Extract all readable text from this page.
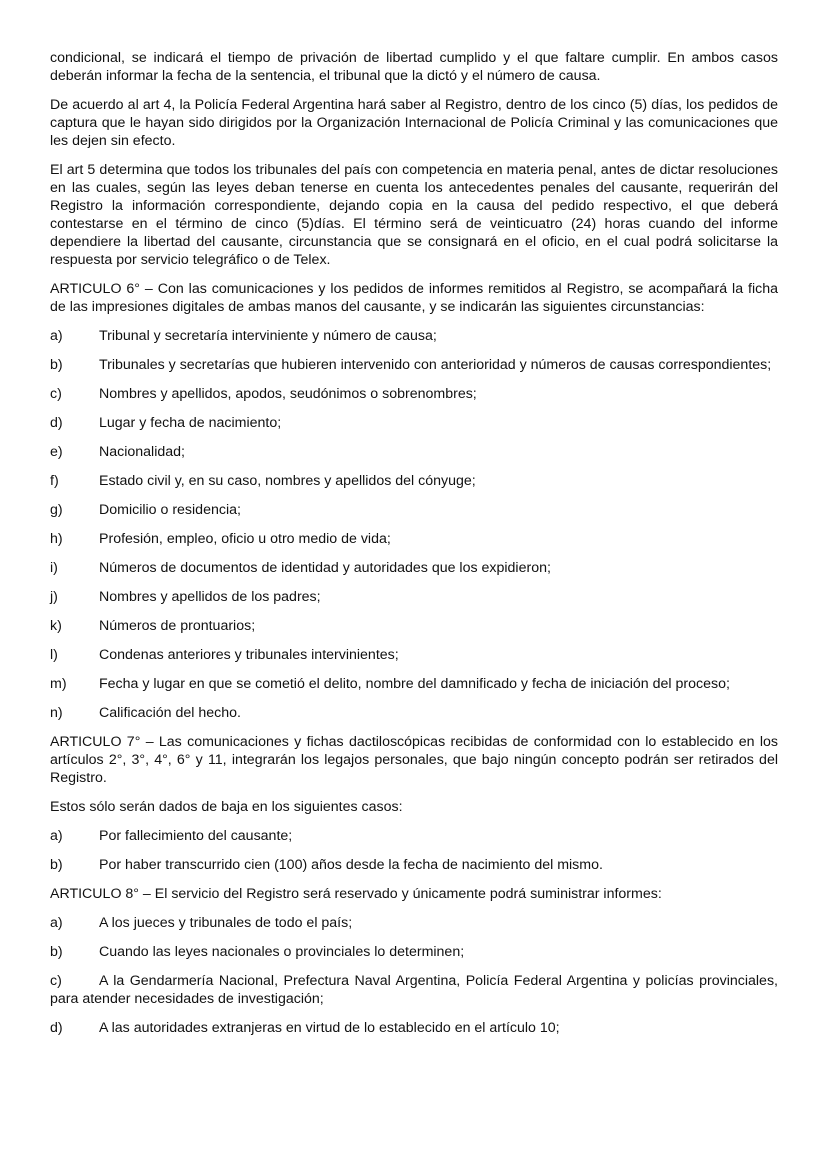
condicional, se indicará el tiempo de privación de libertad cumplido y el que faltare cumplir. En ambos casos deberán informar la fecha de la sentencia, el tribunal que la dictó y el número de causa.

De acuerdo al art 4, la Policía Federal Argentina hará saber al Registro, dentro de los cinco (5) días, los pedidos de captura que le hayan sido dirigidos por la Organización Internacional de Policía Criminal y las comunicaciones que les dejen sin efecto.

El art 5 determina que todos los tribunales del país con competencia en materia penal, antes de dictar resoluciones en las cuales, según las leyes deban tenerse en cuenta los antecedentes penales del causante, requerirán del Registro la información correspondiente, dejando copia en la causa del pedido respectivo, el que deberá contestarse en el término de cinco (5)días. El término será de veinticuatro (24) horas cuando del informe dependiere la libertad del causante, circunstancia que se consignará en el oficio, en el cual podrá solicitarse la respuesta por servicio telegráfico o de Telex.

ARTICULO 6° – Con las comunicaciones y los pedidos de informes remitidos al Registro, se acompañará la ficha de las impresiones digitales de ambas manos del causante, y se indicarán las siguientes circunstancias:

a)	Tribunal y secretaría interviniente y número de causa;
b)	Tribunales y secretarías que hubieren intervenido con anterioridad y números de causas correspondientes;
c)	Nombres y apellidos, apodos, seudónimos o sobrenombres;
d)	Lugar y fecha de nacimiento;
e)	Nacionalidad;
f)	Estado civil y, en su caso, nombres y apellidos del cónyuge;
g)	Domicilio o residencia;
h)	Profesión, empleo, oficio u otro medio de vida;
i)	Números de documentos de identidad y autoridades que los expidieron;
j)	Nombres y apellidos de los padres;
k)	Números de prontuarios;
l)	Condenas anteriores y tribunales intervinientes;
m)	Fecha y lugar en que se cometió el delito, nombre del damnificado y fecha de iniciación del proceso;
n)	Calificación del hecho.

ARTICULO 7° – Las comunicaciones y fichas dactiloscópicas recibidas de conformidad con lo establecido en los artículos 2°, 3°, 4°, 6° y 11, integrarán los legajos personales, que bajo ningún concepto podrán ser retirados del Registro.

Estos sólo serán dados de baja en los siguientes casos:

a)	Por fallecimiento del causante;
b)	Por haber transcurrido cien (100) años desde la fecha de nacimiento del mismo.

ARTICULO 8° – El servicio del Registro será reservado y únicamente podrá suministrar informes:

a)	A los jueces y tribunales de todo el país;
b)	Cuando las leyes nacionales o provinciales lo determinen;
c)	A la Gendarmería Nacional, Prefectura Naval Argentina, Policía Federal Argentina y policías provinciales, para atender necesidades de investigación;
d)	A las autoridades extranjeras en virtud de lo establecido en el artículo 10;
